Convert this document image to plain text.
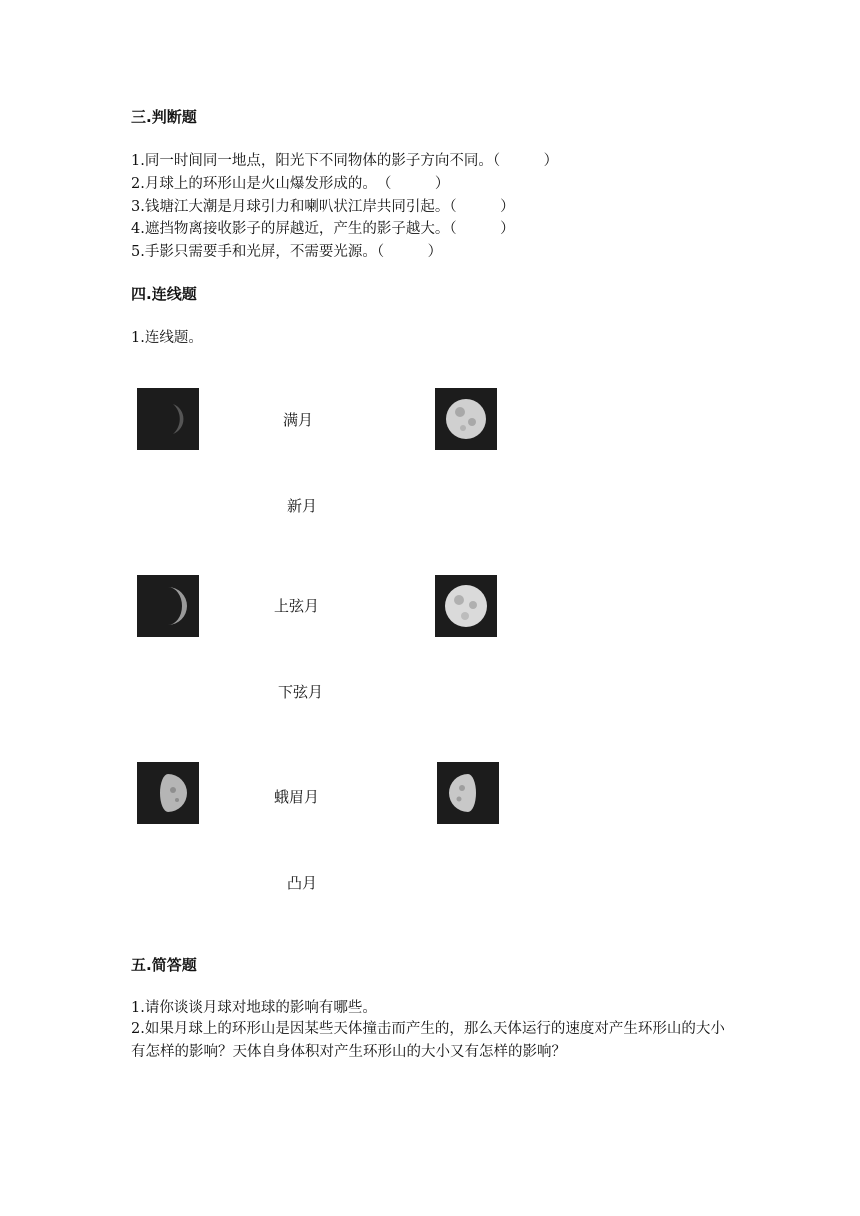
三.判断题
1.同一时间同一地点，阳光下不同物体的影子方向不同。（　　　）
2.月球上的环形山是火山爆发形成的。　（　　　）
3.钱塘江大潮是月球引力和喇叭状江岸共同引起。（　　　）
4.遮挡物离接收影子的屏越近，产生的影子越大。（　　　）
5.手影只需要手和光屏，不需要光源。（　　　）
四.连线题
1.连线题。
满月
新月
上弦月
下弦月
蛾眉月
凸月
五.简答题
1.请你谈谈月球对地球的影响有哪些。
2.如果月球上的环形山是因某些天体撞击而产生的，那么天体运行的速度对产生环形山的大小有怎样的影响？天体自身体积对产生环形山的大小又有怎样的影响？
